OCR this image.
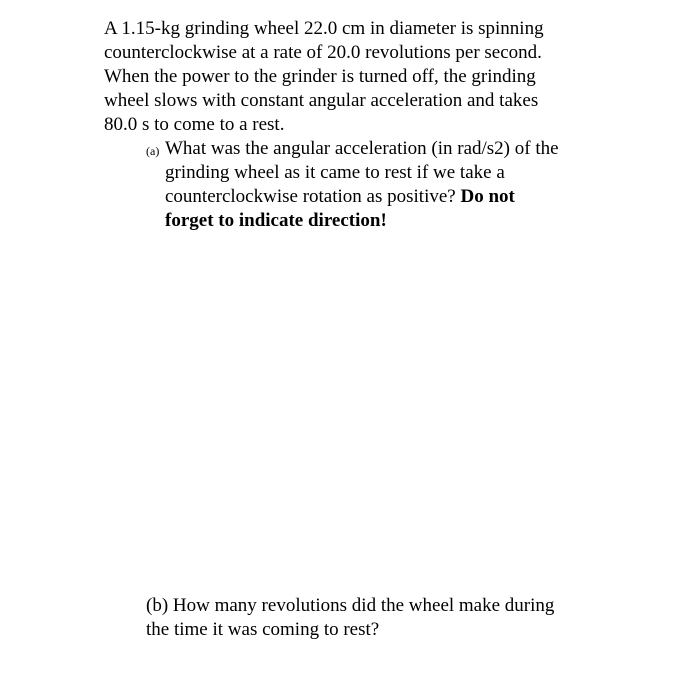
A 1.15-kg grinding wheel 22.0 cm in diameter is spinning
counterclockwise at a rate of 20.0 revolutions per second.
When the power to the grinder is turned off, the grinding
wheel slows with constant angular acceleration and takes
80.0 s to come to a rest.
(a) What was the angular acceleration (in rad/s2) of the
grinding wheel as it came to rest if we take a
counterclockwise rotation as positive? Do not
forget to indicate direction!
(b) How many revolutions did the wheel make during
the time it was coming to rest?
